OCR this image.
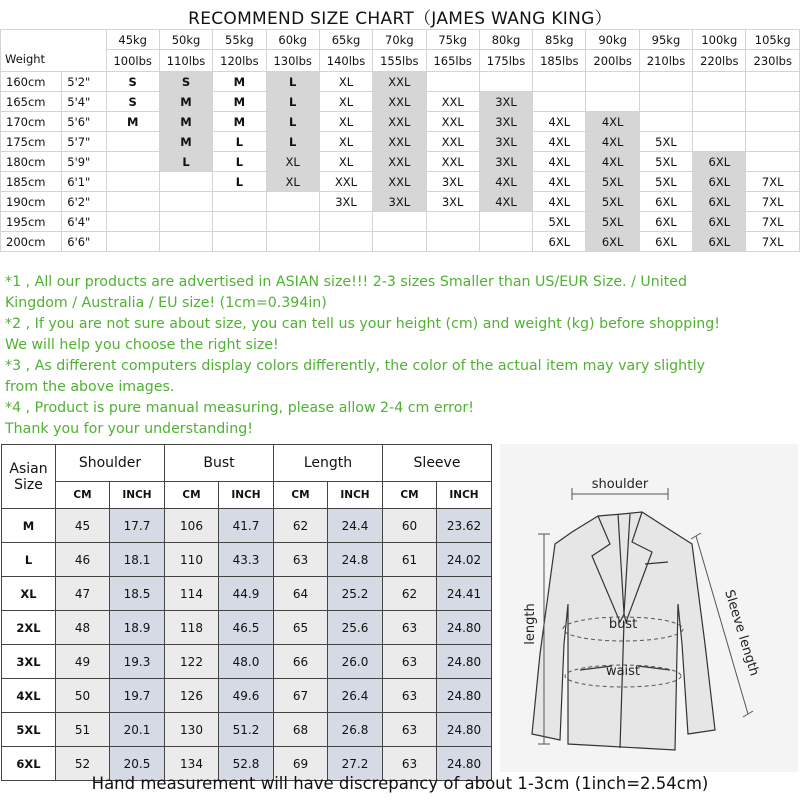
RECOMMEND SIZE CHART（JAMES WANG KING）
Weight		45kg	50kg	55kg	60kg	65kg	70kg	75kg	80kg	85kg	90kg	95kg	100kg	105kg
		100lbs	110lbs	120lbs	130lbs	140lbs	155lbs	165lbs	175lbs	185lbs	200lbs	210lbs	220lbs	230lbs
160cm	5'2"	S	S	M	L	XL	XXL							
165cm	5'4"	S	M	M	L	XL	XXL	XXL	3XL					
170cm	5'6"	M	M	M	L	XL	XXL	XXL	3XL	4XL	4XL			
175cm	5'7"		M	L	L	XL	XXL	XXL	3XL	4XL	4XL	5XL		
180cm	5'9"		L	L	XL	XL	XXL	XXL	3XL	4XL	4XL	5XL	6XL	
185cm	6'1"			L	XL	XXL	XXL	3XL	4XL	4XL	5XL	5XL	6XL	7XL
190cm	6'2"					3XL	3XL	3XL	4XL	4XL	5XL	6XL	6XL	7XL
195cm	6'4"									5XL	5XL	6XL	6XL	7XL
200cm	6'6"									6XL	6XL	6XL	6XL	7XL
*1 , All our products are advertised in ASIAN size!!! 2-3 sizes Smaller than US/EUR Size. / United
Kingdom / Australia / EU size! (1cm=0.394in)
*2 , If you are not sure about size, you can tell us your height (cm) and weight (kg) before shopping!
We will help you choose the right size!
*3 , As different computers display colors differently, the color of the actual item may vary slightly
from the above images.
*4 , Product is pure manual measuring, please allow 2-4 cm error!
Thank you for your understanding!
Asian
Size	Shoulder		Bust		Length		Sleeve	
	CM	INCH	CM	INCH	CM	INCH	CM	INCH
M	45	17.7	106	41.7	62	24.4	60	23.62
L	46	18.1	110	43.3	63	24.8	61	24.02
XL	47	18.5	114	44.9	64	25.2	62	24.41
2XL	48	18.9	118	46.5	65	25.6	63	24.80
3XL	49	19.3	122	48.0	66	26.0	63	24.80
4XL	50	19.7	126	49.6	67	26.4	63	24.80
5XL	51	20.1	130	51.2	68	26.8	63	24.80
6XL	52	20.5	134	52.8	69	27.2	63	24.80
shoulder
length	bust
waist	Sleeve length
Hand measurement will have discrepancy of about 1-3cm (1inch=2.54cm)
